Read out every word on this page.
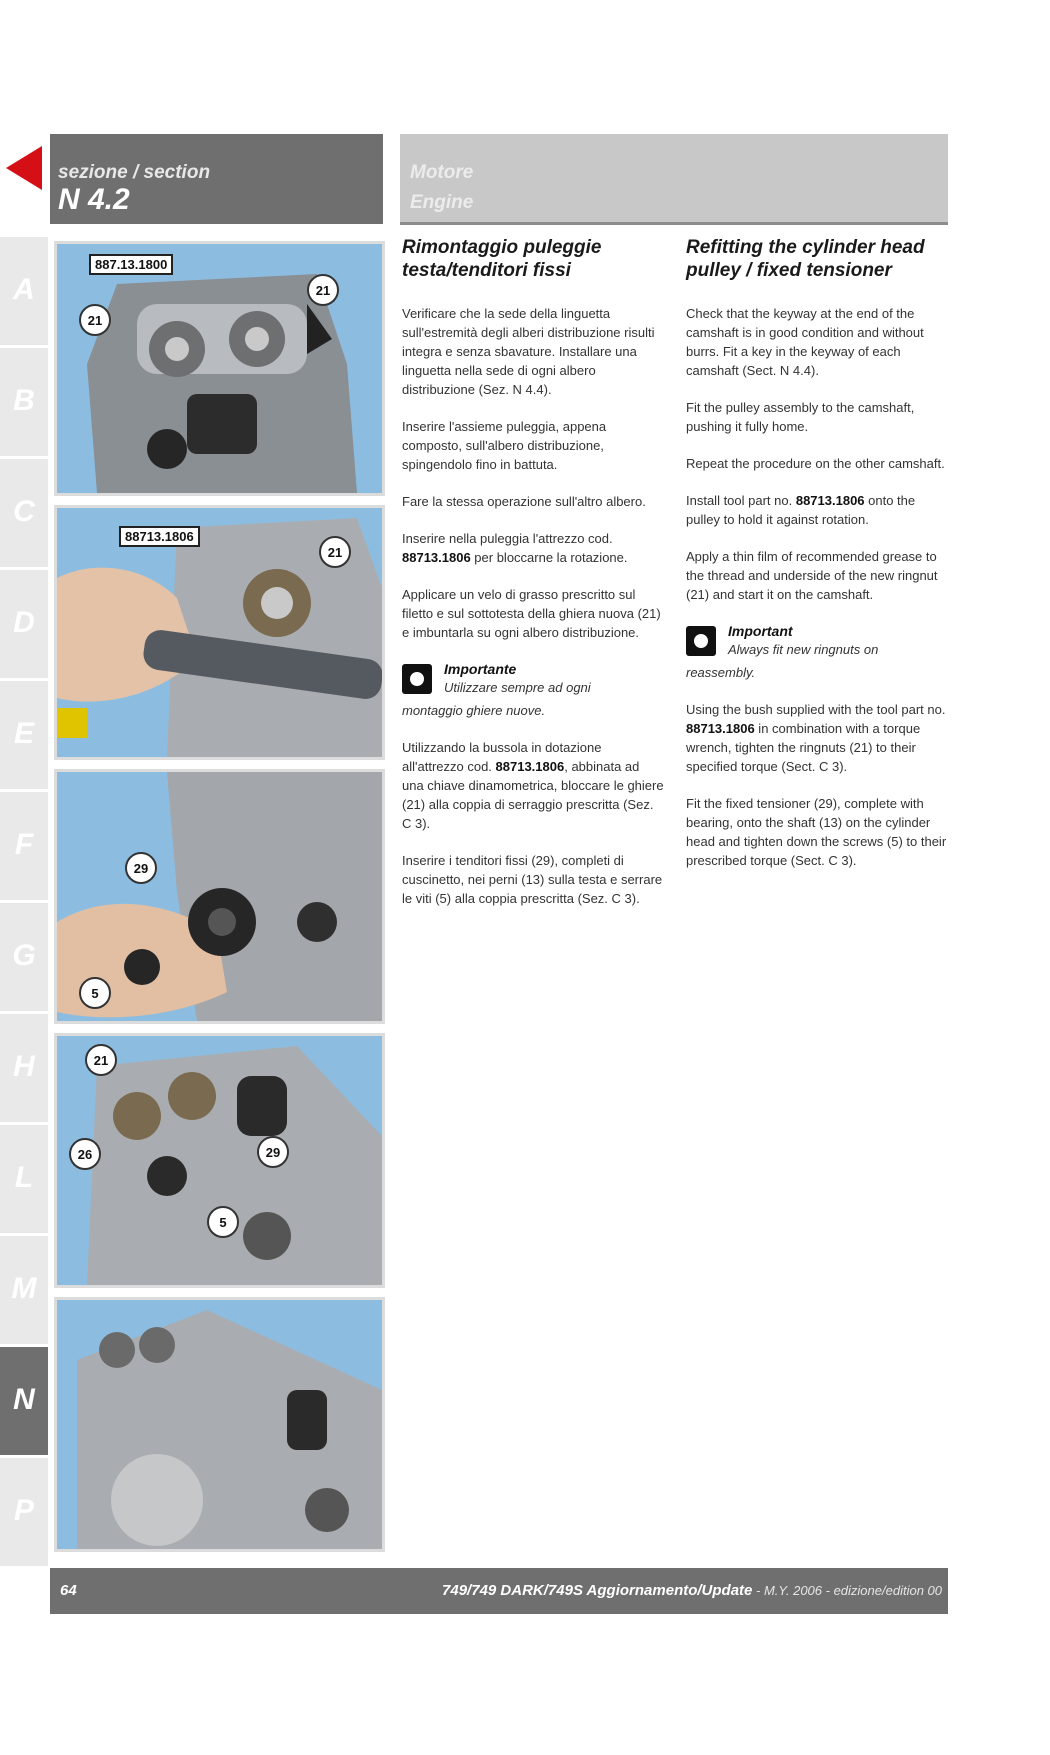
sezione / section
N 4.2
Motore
Engine
A
B
C
D
E
F
G
H
L
M
N
P
887.13.1800
21
21
88713.1806
21
29
5
21
26	29
5
Rimontaggio puleggie testa/tenditori fissi

Verificare che la sede della linguetta sull'estremità degli alberi distribuzione risulti integra e senza sbavature. Installare una linguetta nella sede di ogni albero distribuzione (Sez. N 4.4).

Inserire l'assieme puleggia, appena composto, sull'albero distribuzione, spingendolo fino in battuta.

Fare la stessa operazione sull'altro albero.

Inserire nella puleggia l'attrezzo cod. 88713.1806 per bloccarne la rotazione.

Applicare un velo di grasso prescritto sul filetto e sul sottotesta della ghiera nuova (21) e imbuntarla su ogni albero distribuzione.

Importante
Utilizzare sempre ad ogni
montaggio ghiere nuove.

Utilizzando la bussola in dotazione all'attrezzo cod. 88713.1806, abbinata ad una chiave dinamometrica, bloccare le ghiere (21) alla coppia di serraggio prescritta (Sez. C 3).

Inserire i tenditori fissi (29), completi di cuscinetto, nei perni (13) sulla testa e serrare le viti (5) alla coppia prescritta (Sez. C 3).

Refitting the cylinder head pulley / fixed tensioner

Check that the keyway at the end of the camshaft is in good condition and without burrs. Fit a key in the keyway of each camshaft (Sect. N 4.4).

Fit the pulley assembly to the camshaft, pushing it fully home.

Repeat the procedure on the other camshaft.

Install tool part no. 88713.1806 onto the pulley to hold it against rotation.

Apply a thin film of recommended grease to the thread and underside of the new ringnut (21) and start it on the camshaft.

Important
Always fit new ringnuts on
reassembly.

Using the bush supplied with the tool part no. 88713.1806 in combination with a torque wrench, tighten the ringnuts (21) to their specified torque (Sect. C 3).

Fit the fixed tensioner (29), complete with bearing, onto the shaft (13) on the cylinder head and tighten down the screws (5) to their prescribed torque (Sect. C 3).

64	749/749 DARK/749S Aggiornamento/Update - M.Y. 2006 - edizione/edition 00
